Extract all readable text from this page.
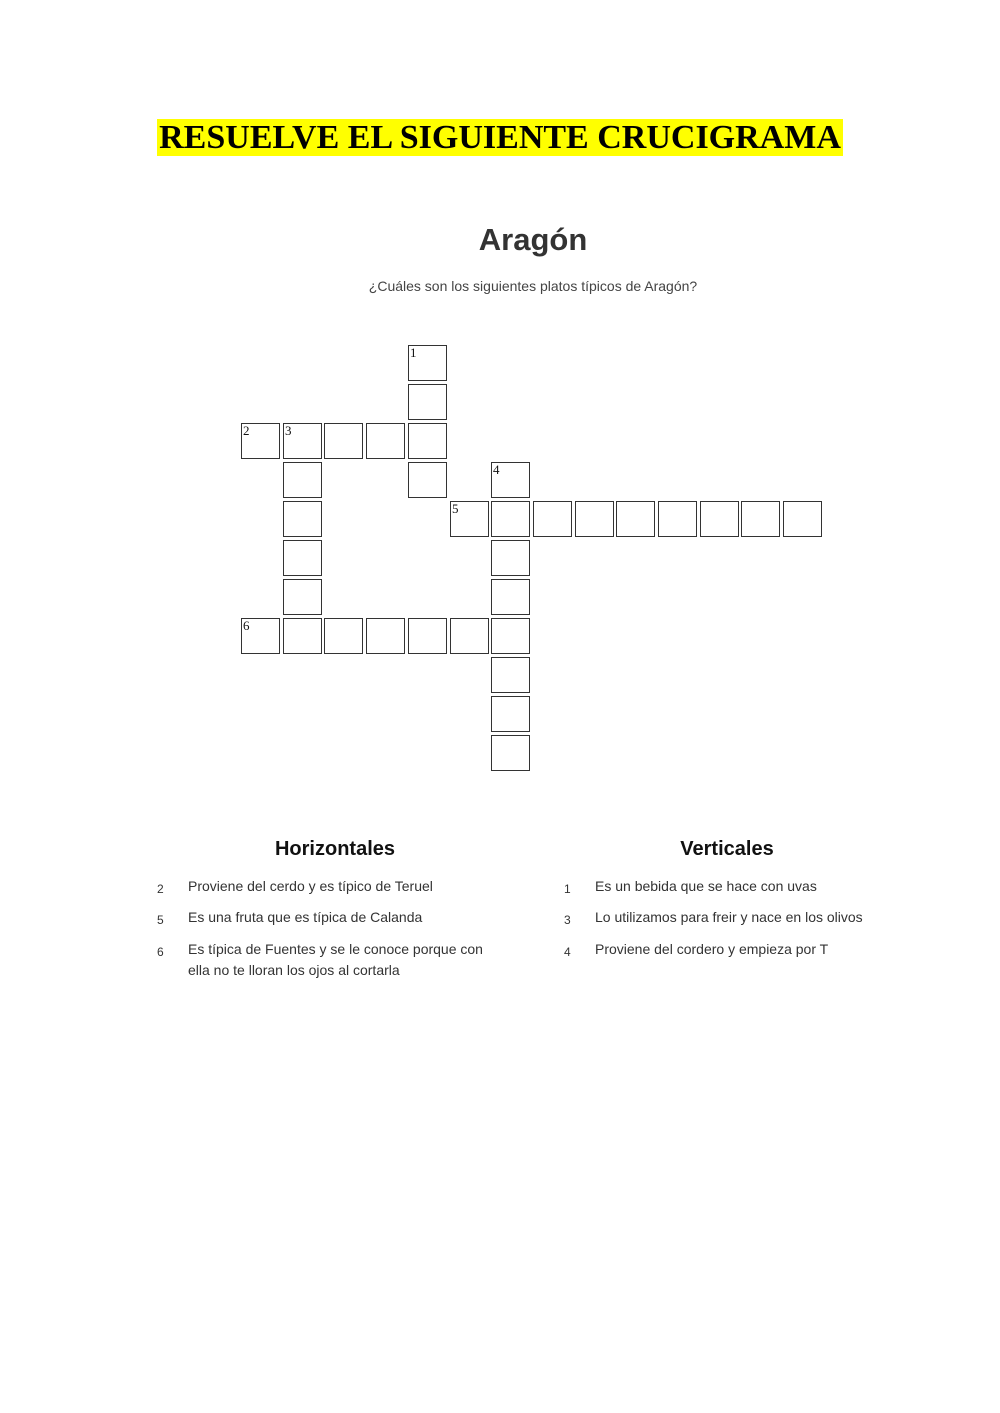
RESUELVE EL SIGUIENTE CRUCIGRAMA
Aragón

¿Cuáles son los siguientes platos típicos de Aragón?

1
2	3
4
5
6
Horizontales	Verticales
2	Proviene del cerdo y es típico de Teruel
5	Es una fruta que es típica de Calanda
6	Es típica de Fuentes y se le conoce porque con ella no te lloran los ojos al cortarla
1	Es un bebida que se hace con uvas
3	Lo utilizamos para freir y nace en los olivos
4	Proviene del cordero y empieza por T
